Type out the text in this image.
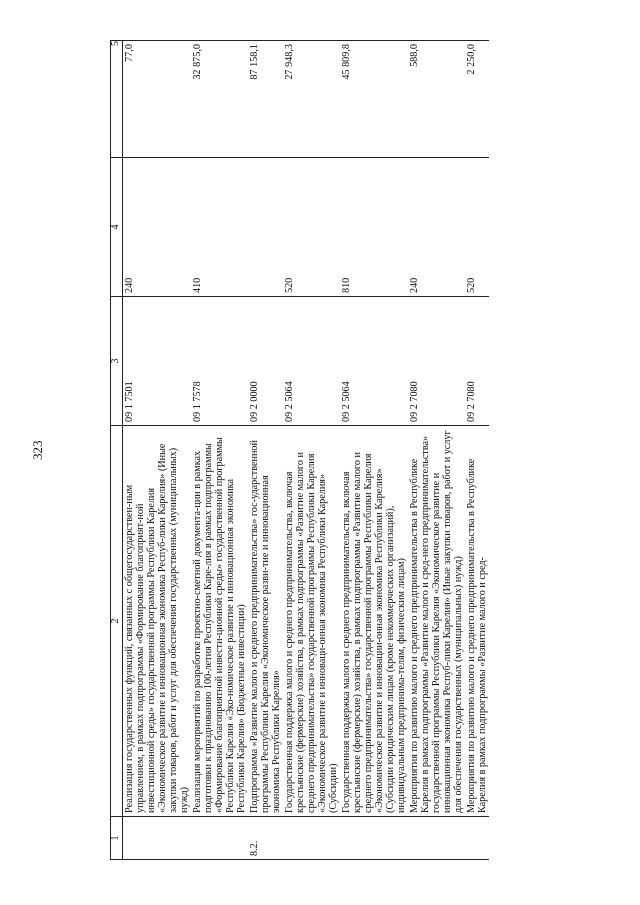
323
1	2	3	4	5
	Реализация государственных функций, связанных с общегосударствен-ным управлением, в рамках подпрограммы «Формирование благоприят-ной инвестиционной среды» государственной программы Республики Карелия «Экономическое развитие и инновационная экономика Респуб-лики Карелия» (Иные закупки товаров, работ и услуг для обеспечения государственных (муниципальных) нужд)	09 1 7501	240	77,0
	Реализация мероприятий по разработке проектно-сметной документа-ции в рамках подготовки к празднованию 100-летия Республики Каре-лия в рамках подпрограммы «Формирование благоприятной инвести-ционной среды» государственной программы Республики Карелия «Эко-номическое развитие и инновационная экономика Республики Карелия» (Бюджетные инвестиции)	09 1 7578	410	32 875,0
8.2.	Подпрограмма «Развитие малого и среднего предпринимательства» гос-ударственной программы Республики Карелия «Экономическое разви-тие и инновационная экономика Республики Карелия»	09 2 0000		87 158,1
	Государственная поддержка малого и среднего предпринимательства, включая крестьянские (фермерские) хозяйства, в рамках подпрограммы «Развитие малого и среднего предпринимательства» государственной программы Республики Карелия «Экономическое развитие и инноваци-онная экономика Республики Карелия» (Субсидии)	09 2 5064	520	27 948,3
	Государственная поддержка малого и среднего предпринимательства, включая крестьянские (фермерские) хозяйства, в рамках подпрограммы «Развитие малого и среднего предпринимательства» государственной программы Республики Карелия «Экономическое развитие и инновации-онная экономика Республики Карелия» (Субсидии юридическим лицам (кроме некоммерческих организаций), индивидуальным предпринима-телям, физическим лицам)	09 2 5064	810	45 809,8
	Мероприятия по развитию малого и среднего предпринимательства в Республике Карелия в рамках подпрограммы «Развитие малого и сред-него предпринимательства» государственной программы Республики Карелия «Экономическое развитие и инновационная экономика Респуб-лики Карелия» (Иные закупки товаров, работ и услуг для обеспечения государственных (муниципальных) нужд)	09 2 7080	240	588,0
	Мероприятия по развитию малого и среднего предпринимательства в Республике Карелия в рамках подпрограммы «Развитие малого и сред-	09 2 7080	520	2 250,0
